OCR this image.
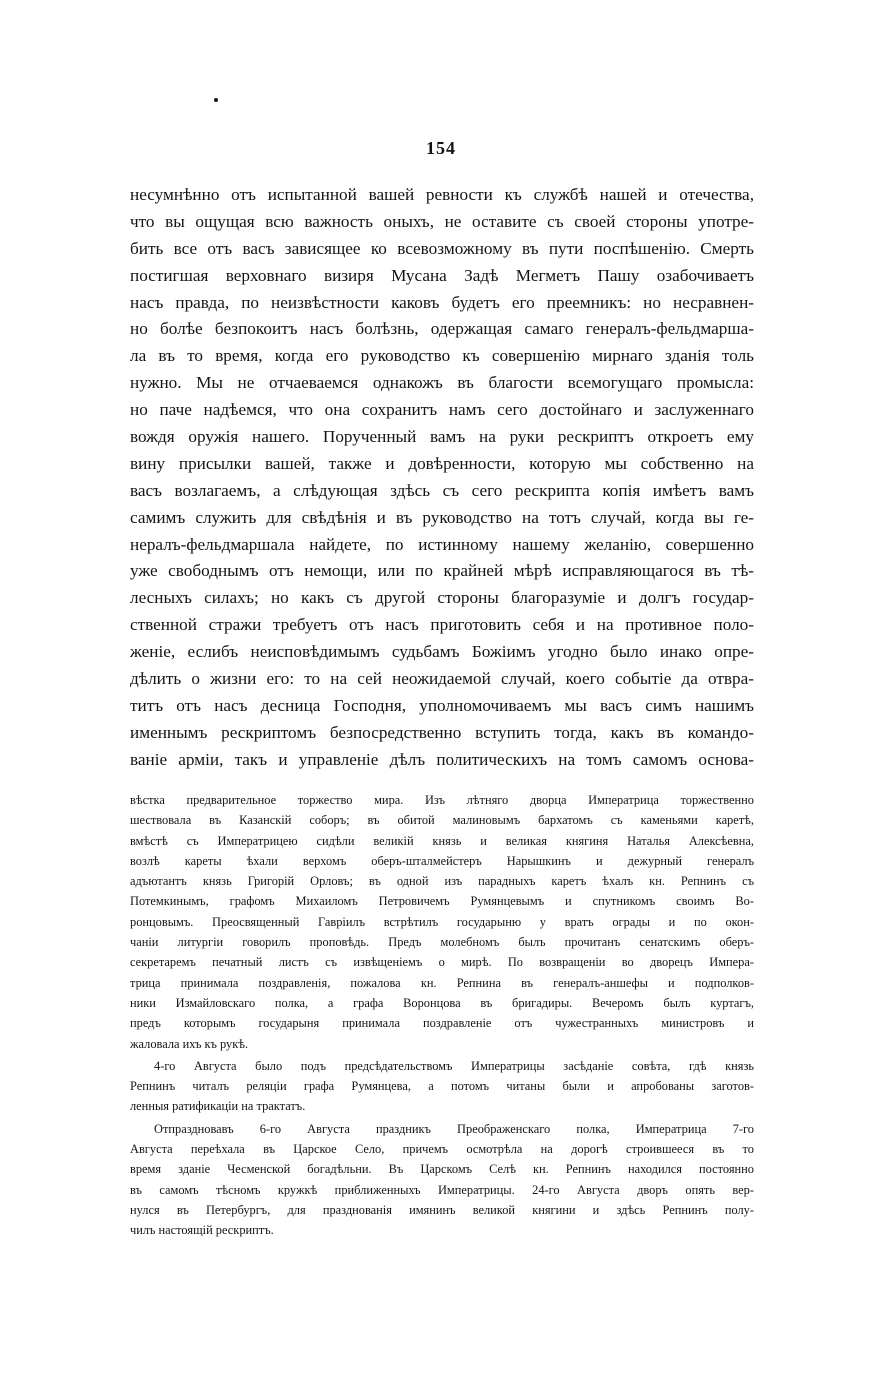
154
несумнѣнно отъ испытанной вашей ревности къ службѣ нашей и отечества,
что вы ощущая всю важность оныхъ, не оставите съ своей стороны употре-
бить все отъ васъ зависящее ко всевозможному въ пути поспѣшенію. Смерть
постигшая верховнаго визиря Мусана Задѣ Мегметъ Пашу озабочиваетъ
насъ правда, по неизвѣстности каковъ будетъ его преемникъ: но несравнен-
но болѣе безпокоитъ насъ болѣзнь, одержащая самаго генералъ-фельдмарша-
ла въ то время, когда его руководство къ совершенію мирнаго зданія толь
нужно. Мы не отчаеваемся однакожъ въ благости всемогущаго промысла:
но паче надѣемся, что она сохранитъ намъ сего достойнаго и заслуженнаго
вождя оружія нашего. Порученный вамъ на руки рескриптъ откроетъ ему
вину присылки вашей, также и довѣренности, которую мы собственно на
васъ возлагаемъ, а слѣдующая здѣсь съ сего рескрипта копія имѣетъ вамъ
самимъ служить для свѣдѣнія и въ руководство на тотъ случай, когда вы ге-
нералъ-фельдмаршала найдете, по истинному нашему желанію, совершенно
уже свободнымъ отъ немощи, или по крайней мѣрѣ исправляющагося въ тѣ-
лесныхъ силахъ; но какъ съ другой стороны благоразуміе и долгъ государ-
ственной стражи требуетъ отъ насъ приготовить себя и на противное поло-
женіе, еслибъ неисповѣдимымъ судьбамъ Божіимъ угодно было инако опре-
дѣлить о жизни его: то на сей неожидаемой случай, коего событіе да отвра-
титъ отъ насъ десница Господня, уполномочиваемъ мы васъ симъ нашимъ
именнымъ рескриптомъ безпосредственно вступить тогда, какъ въ командо-
ваніе арміи, такъ и управленіе дѣлъ политическихъ на томъ самомъ основа-
вѣстка предварительное торжество мира. Изъ лѣтняго дворца Императрица торжественно
шествовала въ Казанскій соборъ; въ обитой малиновымъ бархатомъ съ каменьями каретѣ,
вмѣстѣ съ Императрицею сидѣли великій князь и великая княгиня Наталья Алексѣевна,
возлѣ кареты ѣхали верхомъ оберъ-шталмейстеръ Нарышкинъ и дежурный генералъ
адъютантъ князь Григорій Орловъ; въ одной изъ парадныхъ каретъ ѣхалъ кн. Репнинъ съ
Потемкинымъ, графомъ Михаиломъ Петровичемъ Румянцевымъ и спутникомъ своимъ Во-
ронцовымъ. Преосвященный Гавріилъ встрѣтилъ государыню у вратъ ограды и по окон-
чаніи литургіи говорилъ проповѣдь. Предъ молебномъ былъ прочитанъ сенатскимъ оберъ-
секретаремъ печатный листъ съ извѣщеніемъ о мирѣ. По возвращеніи во дворецъ Импера-
трица принимала поздравленія, пожалова кн. Репнина въ генералъ-аншефы и подполков-
ники Измайловскаго полка, а графа Воронцова въ бригадиры. Вечеромъ былъ куртагъ,
предъ которымъ государыня принимала поздравленіе отъ чужестранныхъ министровъ и
жаловала ихъ къ рукѣ.
4-го Августа было подъ предсѣдательствомъ Императрицы засѣданіе совѣта, гдѣ князь
Репнинъ читалъ реляціи графа Румянцева, а потомъ читаны были и апробованы заготов-
ленныя ратификаціи на трактатъ.
Отпраздновавъ 6-го Августа праздникъ Преображенскаго полка, Императрица 7-го
Августа переѣхала въ Царское Село, причемъ осмотрѣла на дорогѣ строившееся въ то
время зданіе Чесменской богадѣльни. Въ Царскомъ Селѣ кн. Репнинъ находился постоянно
въ самомъ тѣсномъ кружкѣ приближенныхъ Императрицы. 24-го Августа дворъ опять вер-
нулся въ Петербургъ, для празднованія имянинъ великой княгини и здѣсь Репнинъ полу-
чилъ настоящій рескриптъ.
